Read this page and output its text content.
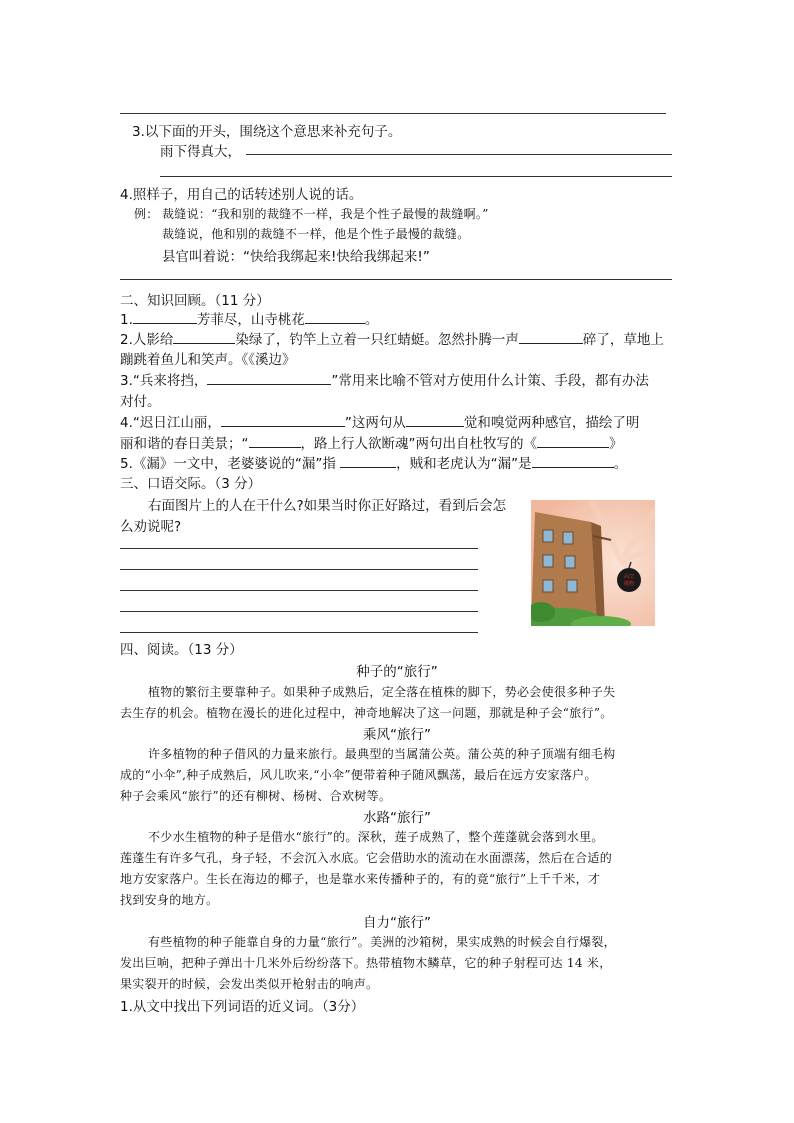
3.以下面的开头，围绕这个意思来补充句子。
雨下得真大，
4.照样子，用自己的话转述别人说的话。
例： 裁缝说：“我和别的裁缝不一样，我是个性子最慢的裁缝啊。”
裁缝说，他和别的裁缝不一样，他是个性子最慢的裁缝。
县官叫着说：“快给我绑起来!快给我绑起来!”
二、知识回顾。（11 分）
1.	芳菲尽，山寺桃花	。
2.人影给	染绿了，钓竿上立着一只红蜻蜓。忽然扑腾一声	碎了，草地上
蹦跳着鱼儿和笑声。《《溪边》
3.“兵来将挡，	”常用来比喻不管对方使用什么计策、手段，都有办法
对付。
4.“迟日江山丽，	”这两句从	觉和嗅觉两种感官，描绘了明
丽和谐的春日美景；“	，路上行人欲断魂”两句出自杜牧写的《	》
5.《漏》一文中，老婆婆说的“漏”指	，贼和老虎认为“漏”是	。
三、口语交际。（3 分）
右面图片上的人在干什么?如果当时你正好路过，看到后会怎
么劝说呢?
高空
抛物
四、阅读。（13 分）
种子的“旅行”
植物的繁衍主要靠种子。如果种子成熟后，定全落在植株的脚下，势必会使很多种子失
去生存的机会。植物在漫长的进化过程中，神奇地解决了这一问题，那就是种子会“旅行”。
乘风“旅行”
许多植物的种子借风的力量来旅行。最典型的当属蒲公英。蒲公英的种子顶端有细毛构
成的“小伞”,种子成熟后，风儿吹来,“小伞”便带着种子随风飘荡，最后在远方安家落户。
种子会乘风“旅行”的还有柳树、杨树、合欢树等。
水路“旅行”
不少水生植物的种子是借水“旅行”的。深秋，莲子成熟了，整个莲蓬就会落到水里。
莲蓬生有许多气孔，身子轻，不会沉入水底。它会借助水的流动在水面漂荡，然后在合适的
地方安家落户。生长在海边的椰子，也是靠水来传播种子的，有的竟“旅行”上千千米，才
找到安身的地方。
自力“旅行”
有些植物的种子能靠自身的力量“旅行”。美洲的沙箱树，果实成熟的时候会自行爆裂，
发出巨响，把种子弹出十几米外后纷纷落下。热带植物木鳞草，它的种子射程可达 14 米，
果实裂开的时候，会发出类似开枪射击的响声。
1.从文中找出下列词语的近义词。（3分）
